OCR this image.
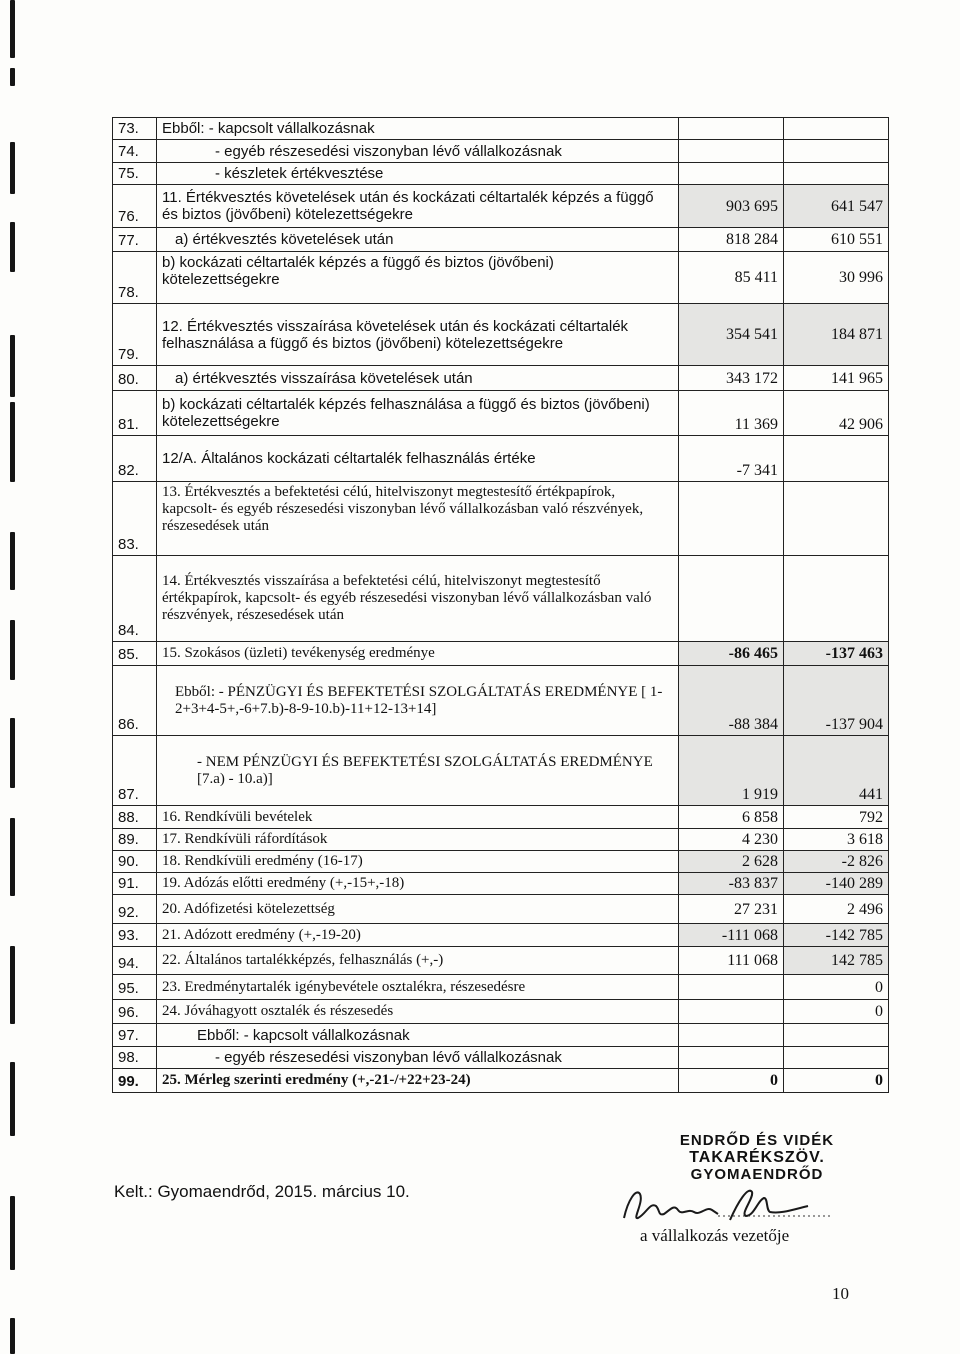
73.	Ebből: - kapcsolt vállalkozásnak		
74.	- egyéb részesedési viszonyban lévő vállalkozásnak		
75.	- készletek értékvesztése		
76.	11. Értékvesztés követelések után és kockázati céltartalék képzés a függő és biztos (jövőbeni) kötelezettségekre	903 695	641 547
77.	a) értékvesztés követelések után	818 284	610 551
78.	b) kockázati céltartalék képzés a függő és biztos (jövőbeni) kötelezettségekre	85 411	30 996
79.	12. Értékvesztés visszaírása követelések után és kockázati céltartalék felhasználása a függő és biztos (jövőbeni) kötelezettségekre	354 541	184 871
80.	a) értékvesztés visszaírása követelések után	343 172	141 965
81.	b) kockázati céltartalék képzés felhasználása a függő és biztos (jövőbeni) kötelezettségekre	11 369	42 906
82.	12/A. Általános kockázati céltartalék felhasználás értéke	-7 341	
83.	13. Értékvesztés a befektetési célú, hitelviszonyt megtestesítő értékpapírok, kapcsolt- és egyéb részesedési viszonyban lévő vállalkozásban való részvények, részesedések után		
84.	14. Értékvesztés visszaírása a befektetési célú, hitelviszonyt megtestesítő értékpapírok, kapcsolt- és egyéb részesedési viszonyban lévő vállalkozásban való részvények, részesedések után		
85.	15. Szokásos (üzleti) tevékenység eredménye	-86 465	-137 463
86.	Ebből: - PÉNZÜGYI ÉS BEFEKTETÉSI SZOLGÁLTATÁS EREDMÉNYE [ 1-2+3+4-5+,-6+7.b)-8-9-10.b)-11+12-13+14]	-88 384	-137 904
87.	- NEM PÉNZÜGYI ÉS BEFEKTETÉSI SZOLGÁLTATÁS EREDMÉNYE [7.a) - 10.a)]	1 919	441
88.	16. Rendkívüli bevételek	6 858	792
89.	17. Rendkívüli ráfordítások	4 230	3 618
90.	18. Rendkívüli eredmény (16-17)	2 628	-2 826
91.	19. Adózás előtti eredmény (+,-15+,-18)	-83 837	-140 289
92.	20. Adófizetési kötelezettség	27 231	2 496
93.	21. Adózott eredmény (+,-19-20)	-111 068	-142 785
94.	22. Általános tartalékképzés, felhasználás (+,-)	111 068	142 785
95.	23. Eredménytartalék igénybevétele osztalékra, részesedésre		0
96.	24. Jóváhagyott osztalék és részesedés		0
97.	Ebből: - kapcsolt vállalkozásnak		
98.	- egyéb részesedési viszonyban lévő vállalkozásnak		
99.	25. Mérleg szerinti eredmény (+,-21-/+22+23-24)	0	0
ENDRŐD ÉS VIDÉK
TAKARÉKSZÖV.
GYOMAENDRŐD
Kelt.: Gyomaendrőd, 2015. március 10.
a vállalkozás vezetője
10
